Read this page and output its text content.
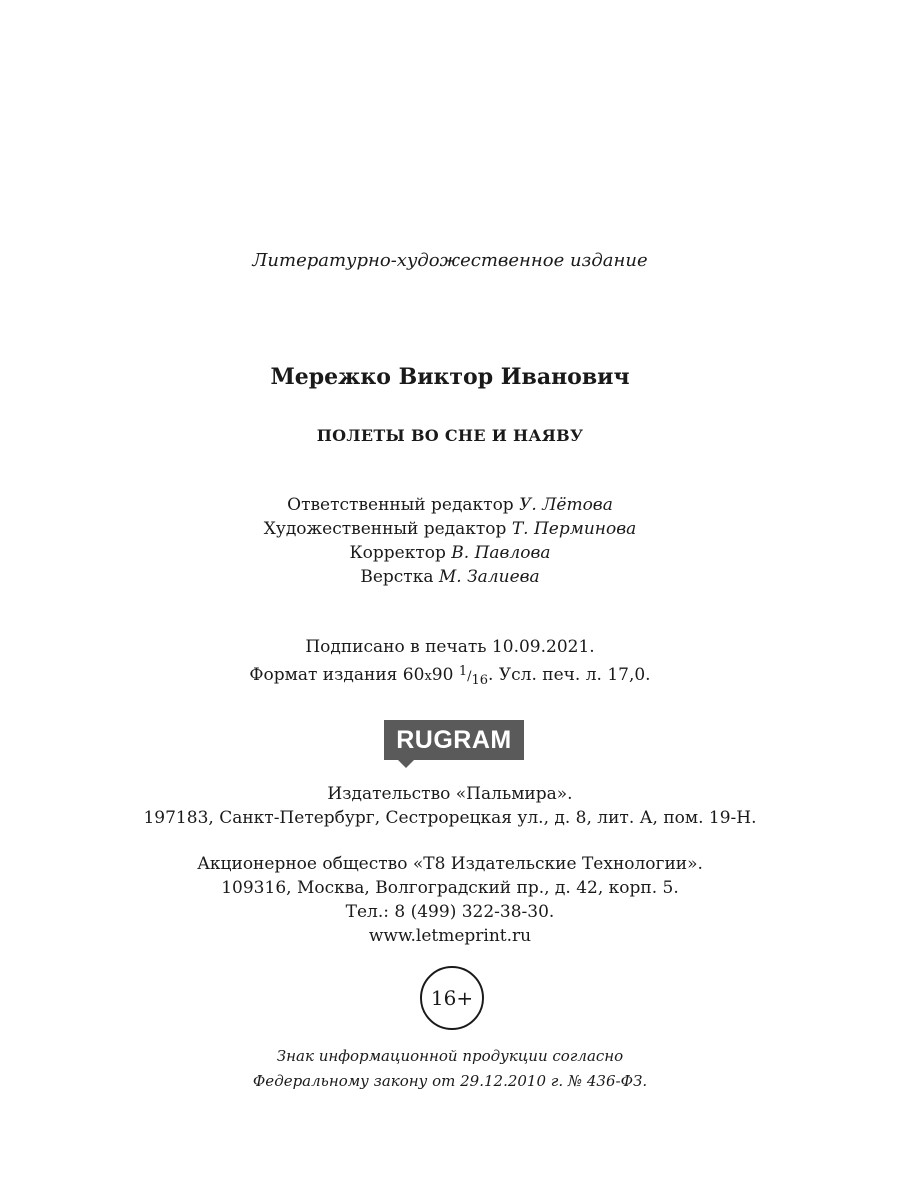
Литературно-художественное издание
Мережко Виктор Иванович
ПОЛЕТЫ ВО СНЕ И НАЯВУ
Ответственный редактор У. Лётова
Художественный редактор Т. Перминова
Корректор В. Павлова
Верстка М. Залиева
Подписано в печать 10.09.2021.
Формат издания 60x90 1/16. Усл. печ. л. 17,0.
RUGRAM
Издательство «Пальмира».
197183, Санкт-Петербург, Сестрорецкая ул., д. 8, лит. А, пом. 19-Н.
Акционерное общество «Т8 Издательские Технологии».
109316, Москва, Волгоградский пр., д. 42, корп. 5.
Тел.: 8 (499) 322-38-30.
www.letmeprint.ru
16+
Знак информационной продукции согласно
Федеральному закону от 29.12.2010 г. № 436-ФЗ.
